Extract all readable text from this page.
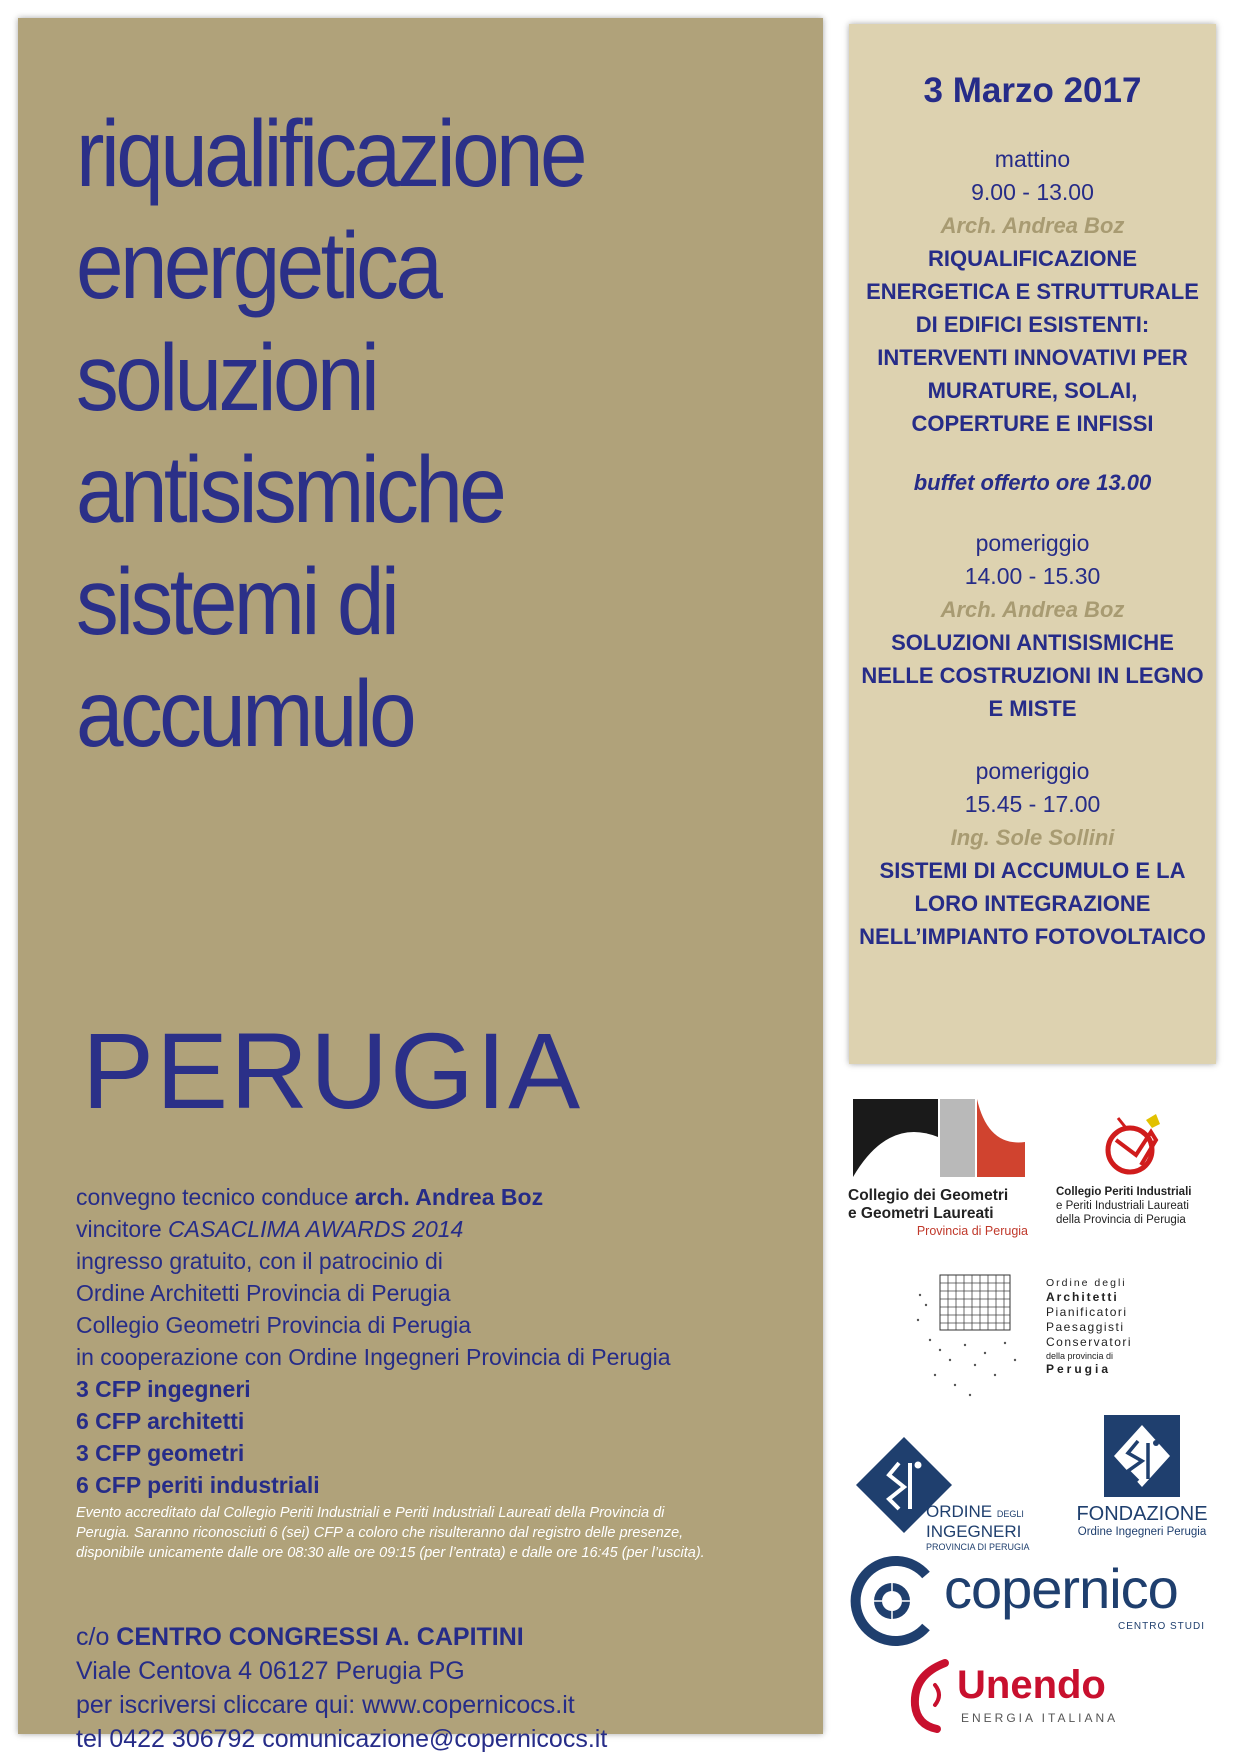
riqualificazione
energetica
soluzioni
antisismiche
sistemi di
accumulo
PERUGIA
convegno tecnico conduce arch. Andrea Boz
vincitore CASACLIMA AWARDS 2014
ingresso gratuito, con il patrocinio di
Ordine Architetti Provincia di Perugia
Collegio Geometri Provincia di Perugia
in cooperazione con Ordine Ingegneri Provincia di Perugia
3 CFP ingegneri
6 CFP architetti
3 CFP geometri
6 CFP periti industriali
Evento accreditato dal Collegio Periti Industriali e Periti Industriali Laureati della Provincia di Perugia. Saranno riconosciuti 6 (sei) CFP a coloro che risulteranno dal registro delle presenze, disponibile unicamente dalle ore 08:30 alle ore 09:15 (per l’entrata) e dalle ore 16:45 (per l’uscita).
c/o CENTRO CONGRESSI A. CAPITINI
Viale Centova 4 06127 Perugia PG
per iscriversi cliccare qui: www.copernicocs.it
tel 0422 306792 comunicazione@copernicocs.it
3 Marzo 2017
mattino
9.00 - 13.00
Arch. Andrea Boz
RIQUALIFICAZIONE ENERGETICA E STRUTTURALE DI EDIFICI ESISTENTI: INTERVENTI INNOVATIVI PER MURATURE, SOLAI, COPERTURE E INFISSI
buffet offerto ore 13.00
pomeriggio
14.00 - 15.30
Arch. Andrea Boz
SOLUZIONI ANTISISMICHE NELLE COSTRUZIONI IN LEGNO E MISTE
pomeriggio
15.45 - 17.00
Ing. Sole Sollini
SISTEMI DI ACCUMULO E LA LORO INTEGRAZIONE NELL’IMPIANTO FOTOVOLTAICO
Collegio dei Geometri
e Geometri Laureati
Provincia di Perugia
Collegio Periti Industriali
e Periti Industriali Laureati
della Provincia di Perugia
Ordine degli
Architetti
Pianificatori
Paesaggisti
Conservatori
della provincia di
Perugia
ORDINE DEGLI
INGEGNERI
PROVINCIA DI PERUGIA
FONDAZIONE
Ordine Ingegneri Perugia
copernico
CENTRO STUDI
Unendo
ENERGIA ITALIANA
